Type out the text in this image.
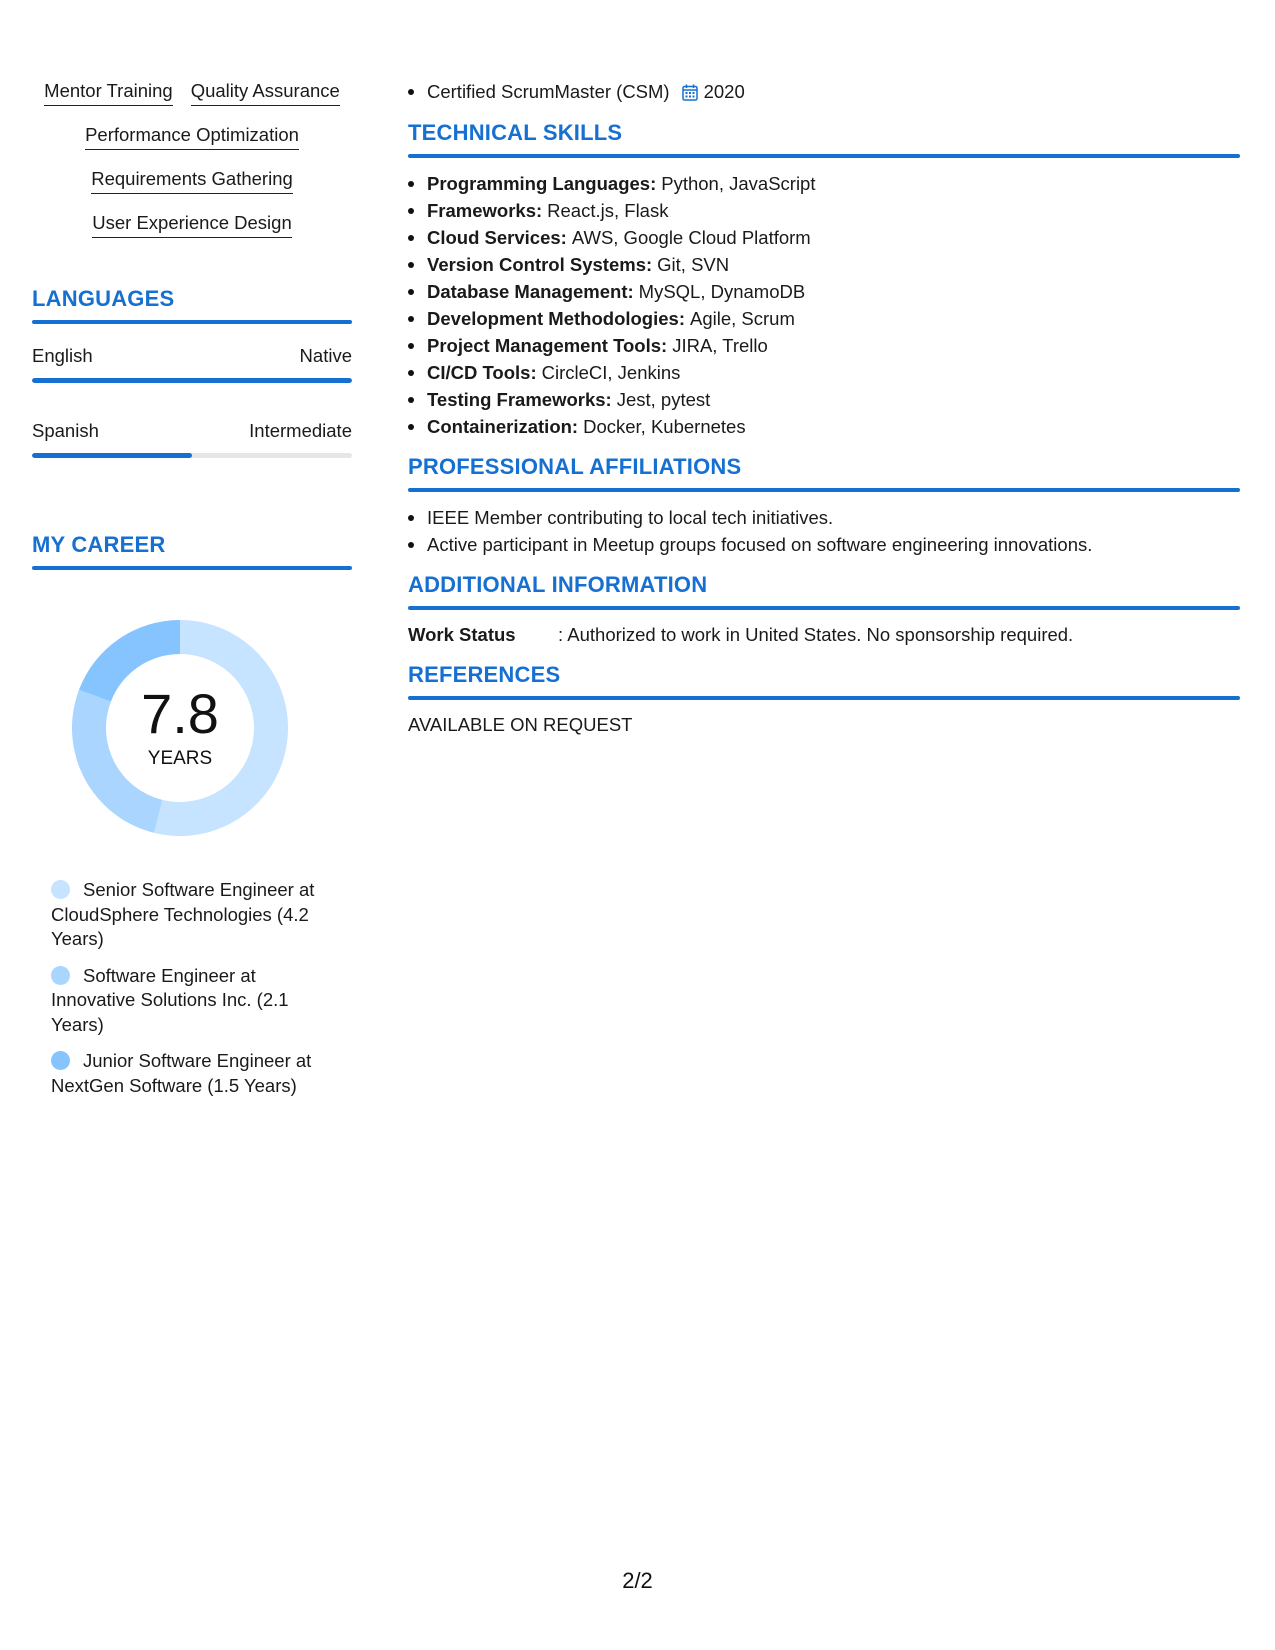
Mentor Training Quality Assurance
Performance Optimization
Requirements Gathering
User Experience Design
LANGUAGES
English	Native
Spanish	Intermediate
MY CAREER
7.8
YEARS
Senior Software Engineer at CloudSphere Technologies (4.2 Years)
Software Engineer at Innovative Solutions Inc. (2.1 Years)
Junior Software Engineer at NextGen Software (1.5 Years)
Certified ScrumMaster (CSM) 2020
TECHNICAL SKILLS
Programming Languages: Python, JavaScript
Frameworks: React.js, Flask
Cloud Services: AWS, Google Cloud Platform
Version Control Systems: Git, SVN
Database Management: MySQL, DynamoDB
Development Methodologies: Agile, Scrum
Project Management Tools: JIRA, Trello
CI/CD Tools: CircleCI, Jenkins
Testing Frameworks: Jest, pytest
Containerization: Docker, Kubernetes
PROFESSIONAL AFFILIATIONS
IEEE Member contributing to local tech initiatives.
Active participant in Meetup groups focused on software engineering innovations.
ADDITIONAL INFORMATION
Work Status	: Authorized to work in United States. No sponsorship required.
REFERENCES
AVAILABLE ON REQUEST
2/2
